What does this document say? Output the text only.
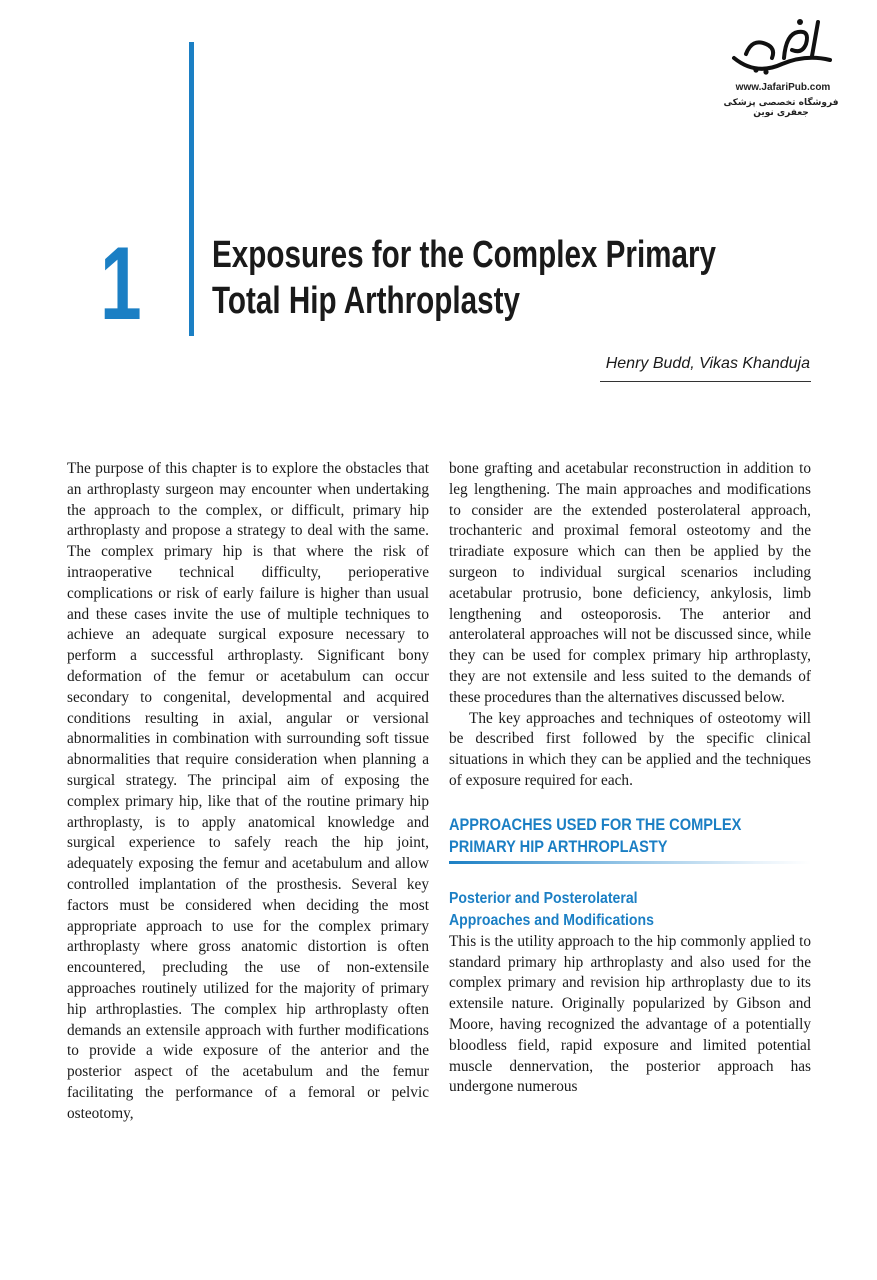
www.JafariPub.com
فروشگاه تخصصی پزشکی جعفری نوین
1 Exposures for the Complex Primary
Total Hip Arthroplasty
Henry Budd, Vikas Khanduja

The purpose of this chapter is to explore the obstacles that an arthroplasty surgeon may encounter when undertaking the approach to the complex, or difficult, primary hip arthroplasty and propose a strategy to deal with the same. The complex primary hip is that where the risk of intraoperative technical difficulty, perioperative complications or risk of early failure is higher than usual and these cases invite the use of multiple techniques to achieve an adequate surgical exposure necessary to perform a successful arthroplasty. Significant bony deformation of the femur or acetabulum can occur secondary to congenital, developmental and acquired conditions resulting in axial, angular or versional abnormalities in combination with surrounding soft tissue abnormalities that require consideration when planning a surgical strategy. The principal aim of exposing the complex primary hip, like that of the routine primary hip arthroplasty, is to apply anatomical knowledge and surgical experience to safely reach the hip joint, adequately exposing the femur and acetabulum and allow controlled implantation of the prosthesis. Several key factors must be considered when deciding the most appropriate approach to use for the complex primary arthroplasty where gross anatomic distortion is often encountered, precluding the use of non-extensile approaches routinely utilized for the majority of primary hip arthroplasties. The complex hip arthroplasty often demands an extensile approach with further modifications to provide a wide exposure of the anterior and the posterior aspect of the acetabulum and the femur facilitating the performance of a femoral or pelvic osteotomy,

bone grafting and acetabular reconstruction in addition to leg lengthening. The main approaches and modifications to consider are the extended posterolateral approach, trochanteric and proximal femoral osteotomy and the triradiate exposure which can then be applied by the surgeon to individual surgical scenarios including acetabular protrusio, bone deficiency, ankylosis, limb lengthening and osteoporosis. The anterior and anterolateral approaches will not be discussed since, while they can be used for complex primary hip arthroplasty, they are not extensile and less suited to the demands of these procedures than the alternatives discussed below.

The key approaches and techniques of osteotomy will be described first followed by the specific clinical situations in which they can be applied and the techniques of exposure required for each.

APPROACHES USED FOR THE COMPLEX
PRIMARY HIP ARTHROPLASTY
Posterior and Posterolateral
Approaches and Modifications

This is the utility approach to the hip commonly applied to standard primary hip arthroplasty and also used for the complex primary and revision hip arthroplasty due to its extensile nature. Originally popularized by Gibson and Moore, having recognized the advantage of a potentially bloodless field, rapid exposure and limited potential muscle dennervation, the posterior approach has undergone numerous
